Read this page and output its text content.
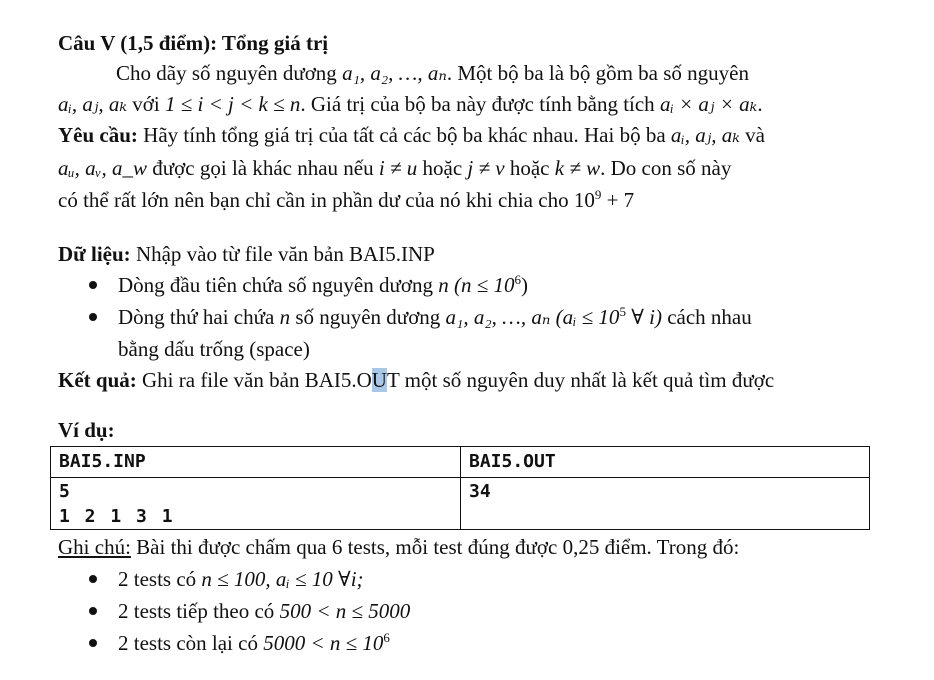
Câu V (1,5 điểm): Tổng giá trị
Cho dãy số nguyên dương a₁, a₂, …, aₙ. Một bộ ba là bộ gồm ba số nguyên
aᵢ, aⱼ, aₖ với 1 ≤ i < j < k ≤ n. Giá trị của bộ ba này được tính bằng tích aᵢ × aⱼ × aₖ.
Yêu cầu: Hãy tính tổng giá trị của tất cả các bộ ba khác nhau. Hai bộ ba aᵢ, aⱼ, aₖ và
aᵤ, aᵥ, a_w được gọi là khác nhau nếu i ≠ u hoặc j ≠ v hoặc k ≠ w. Do con số này
có thể rất lớn nên bạn chỉ cần in phần dư của nó khi chia cho $10^9 + 7$
Dữ liệu: Nhập vào từ file văn bản BAI5.INP
Dòng đầu tiên chứa số nguyên dương n $(n \le 10^6)$
Dòng thứ hai chứa n số nguyên dương a₁, a₂, …, aₙ (aᵢ ≤ $10^5$ ∀ i) cách nhau
bằng dấu trống (space)
Kết quả: Ghi ra file văn bản BAI5.OUT một số nguyên duy nhất là kết quả tìm được
Ví dụ:
BAI5.INP	BAI5.OUT
5
1 2 1 3 1
34
Ghi chú: Bài thi được chấm qua 6 tests, mỗi test đúng được 0,25 điểm. Trong đó:
2 tests có n ≤ 100, aᵢ ≤ 10 ∀i;
2 tests tiếp theo có 500 < n ≤ 5000
2 tests còn lại có $5000 < n \le 10^6$
